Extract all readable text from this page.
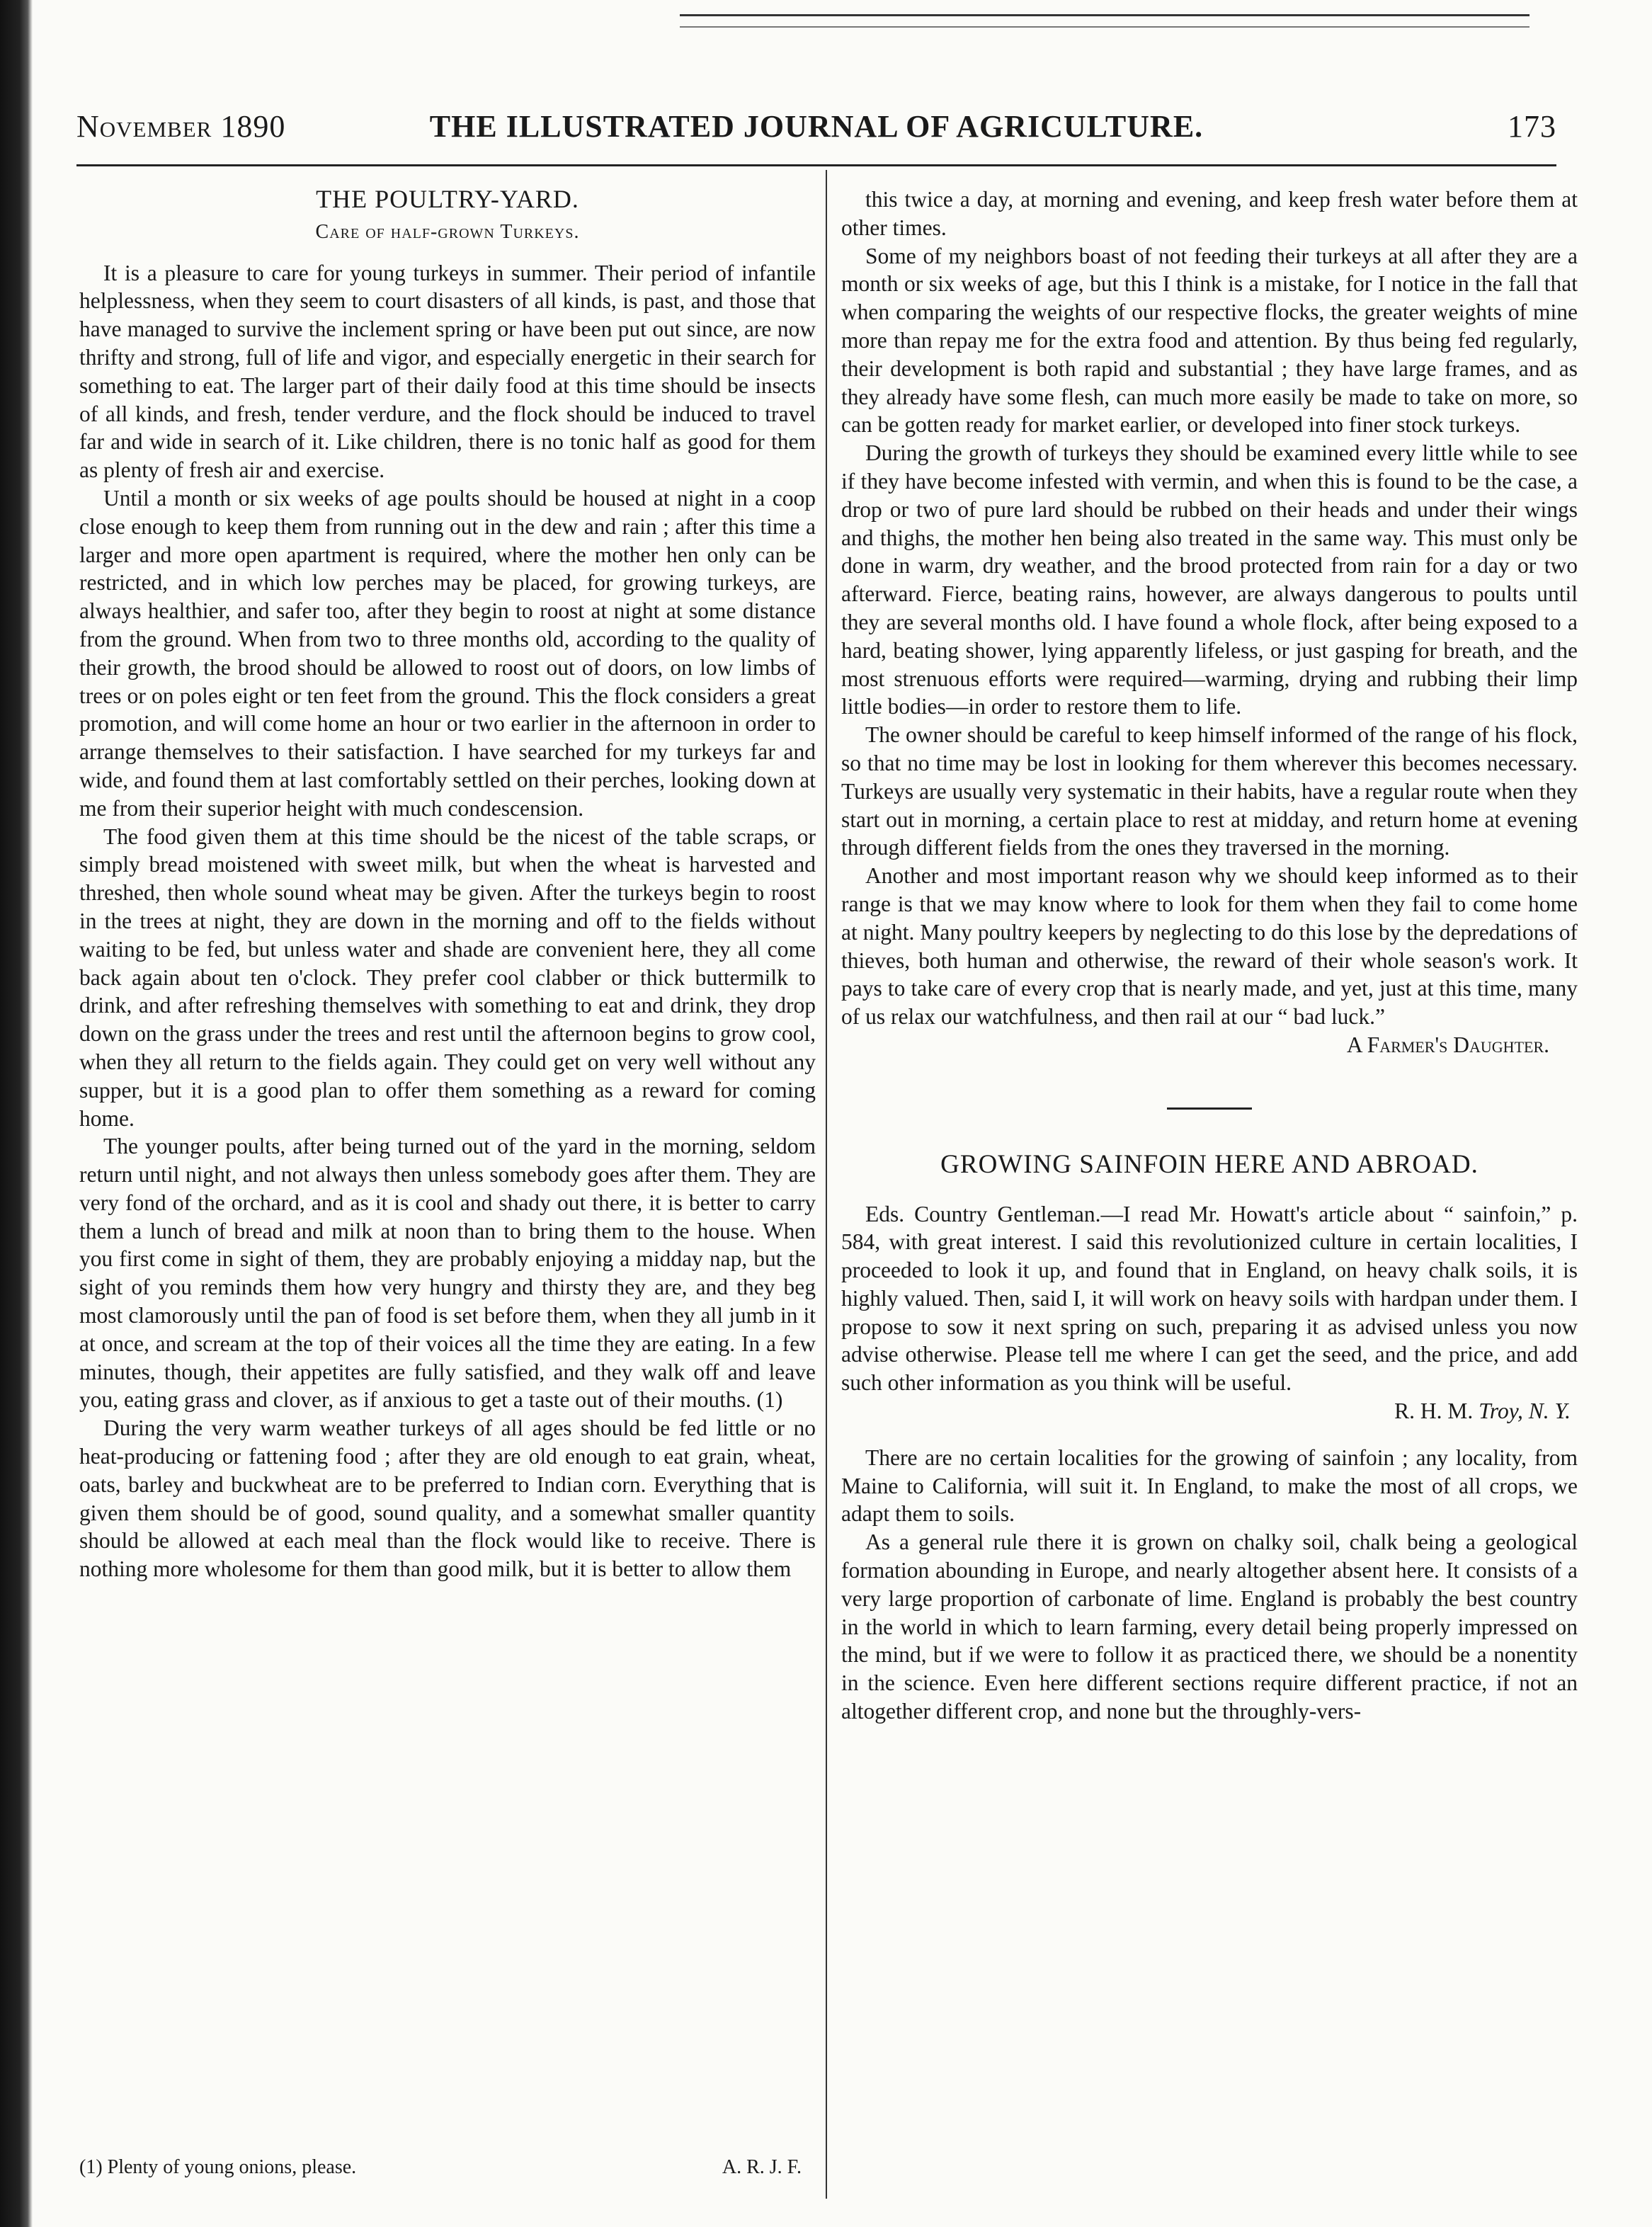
November 1890	THE ILLUSTRATED JOURNAL OF AGRICULTURE.	173
THE POULTRY-YARD.
Care of half-grown Turkeys.

It is a pleasure to care for young turkeys in summer. Their period of infantile helplessness, when they seem to court disasters of all kinds, is past, and those that have managed to survive the inclement spring or have been put out since, are now thrifty and strong, full of life and vigor, and especially energetic in their search for something to eat. The larger part of their daily food at this time should be insects of all kinds, and fresh, tender verdure, and the flock should be induced to travel far and wide in search of it. Like children, there is no tonic half as good for them as plenty of fresh air and exercise.

Until a month or six weeks of age poults should be housed at night in a coop close enough to keep them from running out in the dew and rain ; after this time a larger and more open apartment is required, where the mother hen only can be restricted, and in which low perches may be placed, for growing turkeys, are always healthier, and safer too, after they begin to roost at night at some distance from the ground. When from two to three months old, according to the quality of their growth, the brood should be allowed to roost out of doors, on low limbs of trees or on poles eight or ten feet from the ground. This the flock considers a great promotion, and will come home an hour or two earlier in the afternoon in order to arrange themselves to their satisfaction. I have searched for my turkeys far and wide, and found them at last comfortably settled on their perches, looking down at me from their superior height with much condescension.

The food given them at this time should be the nicest of the table scraps, or simply bread moistened with sweet milk, but when the wheat is harvested and threshed, then whole sound wheat may be given. After the turkeys begin to roost in the trees at night, they are down in the morning and off to the fields without waiting to be fed, but unless water and shade are convenient here, they all come back again about ten o'clock. They prefer cool clabber or thick buttermilk to drink, and after refreshing themselves with something to eat and drink, they drop down on the grass under the trees and rest until the afternoon begins to grow cool, when they all return to the fields again. They could get on very well without any supper, but it is a good plan to offer them something as a reward for coming home.

The younger poults, after being turned out of the yard in the morning, seldom return until night, and not always then unless somebody goes after them. They are very fond of the orchard, and as it is cool and shady out there, it is better to carry them a lunch of bread and milk at noon than to bring them to the house. When you first come in sight of them, they are probably enjoying a midday nap, but the sight of you reminds them how very hungry and thirsty they are, and they beg most clamorously until the pan of food is set before them, when they all jumb in it at once, and scream at the top of their voices all the time they are eating. In a few minutes, though, their appetites are fully satisfied, and they walk off and leave you, eating grass and clover, as if anxious to get a taste out of their mouths. (1)

During the very warm weather turkeys of all ages should be fed little or no heat-producing or fattening food ; after they are old enough to eat grain, wheat, oats, barley and buckwheat are to be preferred to Indian corn. Everything that is given them should be of good, sound quality, and a somewhat smaller quantity should be allowed at each meal than the flock would like to receive. There is nothing more wholesome for them than good milk, but it is better to allow them

this twice a day, at morning and evening, and keep fresh water before them at other times.

Some of my neighbors boast of not feeding their turkeys at all after they are a month or six weeks of age, but this I think is a mistake, for I notice in the fall that when comparing the weights of our respective flocks, the greater weights of mine more than repay me for the extra food and attention. By thus being fed regularly, their development is both rapid and substantial ; they have large frames, and as they already have some flesh, can much more easily be made to take on more, so can be gotten ready for market earlier, or developed into finer stock turkeys.

During the growth of turkeys they should be examined every little while to see if they have become infested with vermin, and when this is found to be the case, a drop or two of pure lard should be rubbed on their heads and under their wings and thighs, the mother hen being also treated in the same way. This must only be done in warm, dry weather, and the brood protected from rain for a day or two afterward. Fierce, beating rains, however, are always dangerous to poults until they are several months old. I have found a whole flock, after being exposed to a hard, beating shower, lying apparently lifeless, or just gasping for breath, and the most strenuous efforts were required—warming, drying and rubbing their limp little bodies—in order to restore them to life.

The owner should be careful to keep himself informed of the range of his flock, so that no time may be lost in looking for them wherever this becomes necessary. Turkeys are usually very systematic in their habits, have a regular route when they start out in morning, a certain place to rest at midday, and return home at evening through different fields from the ones they traversed in the morning.

Another and most important reason why we should keep informed as to their range is that we may know where to look for them when they fail to come home at night. Many poultry keepers by neglecting to do this lose by the depredations of thieves, both human and otherwise, the reward of their whole season's work. It pays to take care of every crop that is nearly made, and yet, just at this time, many of us relax our watchfulness, and then rail at our “ bad luck.”

A Farmer's Daughter.
GROWING SAINFOIN HERE AND ABROAD.

Eds. Country Gentleman.—I read Mr. Howatt's article about “ sainfoin,” p. 584, with great interest. I said this revolutionized culture in certain localities, I proceeded to look it up, and found that in England, on heavy chalk soils, it is highly valued. Then, said I, it will work on heavy soils with hardpan under them. I propose to sow it next spring on such, preparing it as advised unless you now advise otherwise. Please tell me where I can get the seed, and the price, and add such other information as you think will be useful.

R. H. M. Troy, N. Y.

There are no certain localities for the growing of sainfoin ; any locality, from Maine to California, will suit it. In England, to make the most of all crops, we adapt them to soils.

As a general rule there it is grown on chalky soil, chalk being a geological formation abounding in Europe, and nearly altogether absent here. It consists of a very large proportion of carbonate of lime. England is probably the best country in the world in which to learn farming, every detail being properly impressed on the mind, but if we were to follow it as practiced there, we should be a nonentity in the science. Even here different sections require different practice, if not an altogether different crop, and none but the throughly-vers-

(1) Plenty of young onions, please.	A. R. J. F.
